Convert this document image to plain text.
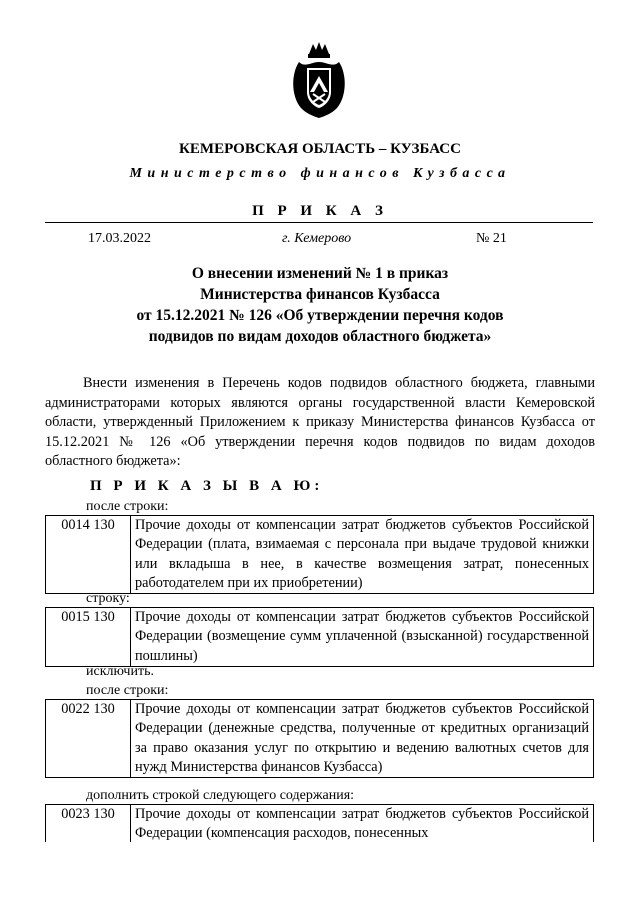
КЕМЕРОВСКАЯ ОБЛАСТЬ – КУЗБАСС
Министерство финансов Кузбасса
П Р И К А З
17.03.2022	г. Кемерово	№ 21
О внесении изменений № 1 в приказ
Министерства финансов Кузбасса
от 15.12.2021 № 126 «Об утверждении перечня кодов
подвидов по видам доходов областного бюджета»
Внести изменения в Перечень кодов подвидов областного бюджета, главными администраторами которых являются органы государственной власти Кемеровской области, утвержденный Приложением к приказу Министерства финансов Кузбасса от 15.12.2021 № 126 «Об утверждении перечня кодов подвидов по видам доходов областного бюджета»:
П Р И К А З Ы В А Ю:
после строки:
0014 130	Прочие доходы от компенсации затрат бюджетов субъектов Российской Федерации (плата, взимаемая с персонала при выдаче трудовой книжки или вкладыша в нее, в качестве возмещения затрат, понесенных работодателем при их приобретении)
строку:
0015 130	Прочие доходы от компенсации затрат бюджетов субъектов Российской Федерации (возмещение сумм уплаченной (взысканной) государственной пошлины)
исключить.
после строки:
0022 130	Прочие доходы от компенсации затрат бюджетов субъектов Российской Федерации (денежные средства, полученные от кредитных организаций за право оказания услуг по открытию и ведению валютных счетов для нужд Министерства финансов Кузбасса)
дополнить строкой следующего содержания:
0023 130	Прочие доходы от компенсации затрат бюджетов субъектов Российской Федерации (компенсация расходов, понесенных
